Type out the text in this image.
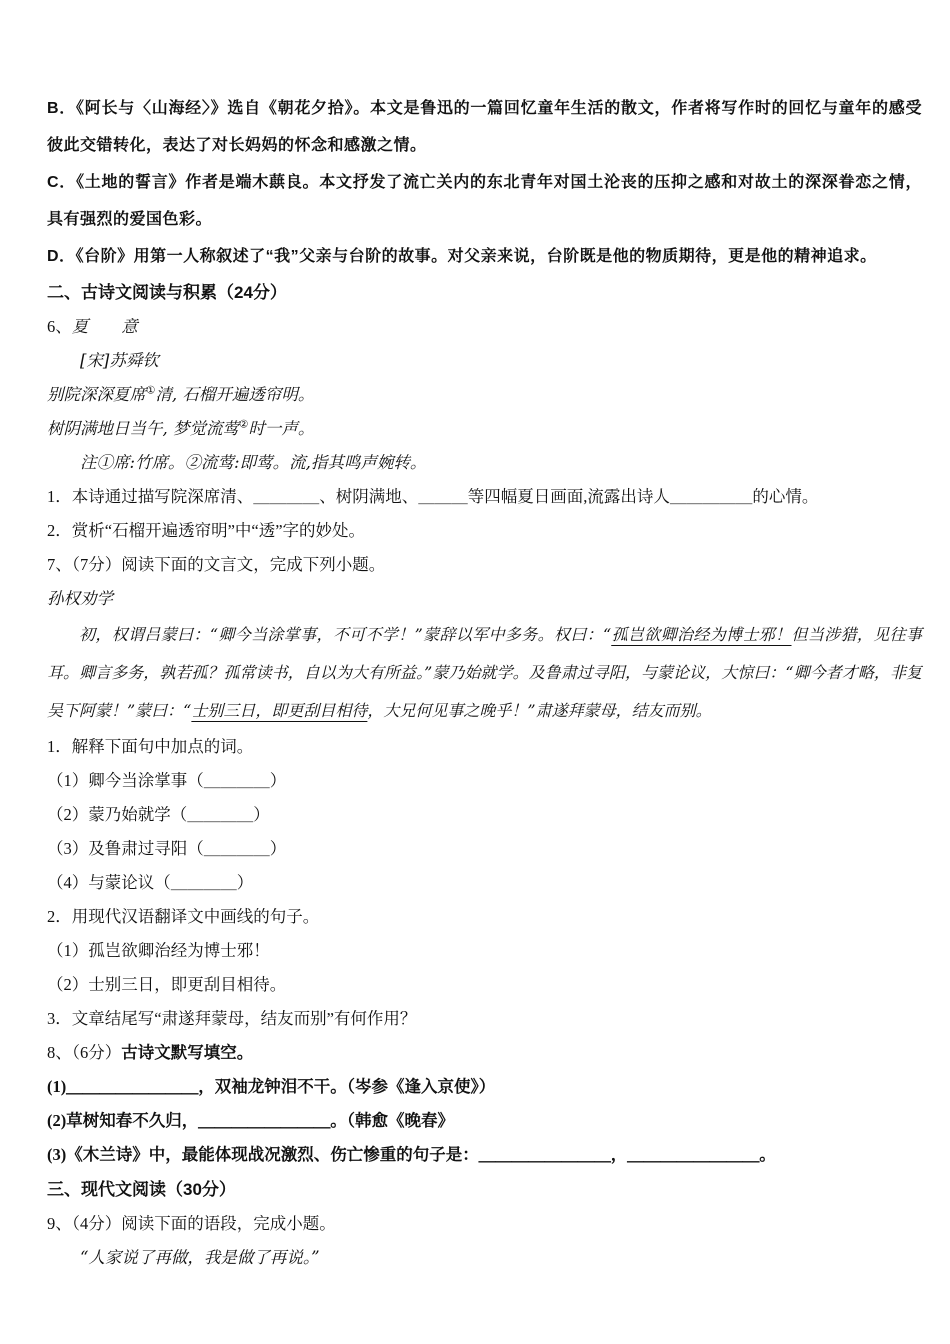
B．《阿长与〈山海经〉》选自《朝花夕拾》。本文是鲁迅的一篇回忆童年生活的散文，作者将写作时的回忆与童年的感受彼此交错转化，表达了对长妈妈的怀念和感激之情。

C．《土地的誓言》作者是端木蕻良。本文抒发了流亡关内的东北青年对国土沦丧的压抑之感和对故土的深深眷恋之情，具有强烈的爱国色彩。

D．《台阶》用第一人称叙述了“我”父亲与台阶的故事。对父亲来说，台阶既是他的物质期待，更是他的精神追求。

二、古诗文阅读与积累（24分）

6、夏　　意

[宋]苏舜钦

别院深深夏席①清, 石榴开遍透帘明。

树阴满地日当午, 梦觉流莺②时一声。

注①席:竹席。②流莺:即莺。流,指其鸣声婉转。

1．本诗通过描写院深席清、＿＿＿＿、树阴满地、＿＿＿等四幅夏日画面,流露出诗人＿＿＿＿＿的心情。

2．赏析“石榴开遍透帘明”中“透”字的妙处。

7、（7分）阅读下面的文言文，完成下列小题。

孙权劝学

初，权谓吕蒙曰：“卿今当涂掌事，不可不学！”蒙辞以军中多务。权曰：“孤岂欲卿治经为博士邪！但当涉猎，见往事耳。卿言多务，孰若孤？孤常读书，自以为大有所益。”蒙乃始就学。及鲁肃过寻阳，与蒙论议，大惊曰：“卿今者才略，非复吴下阿蒙！”蒙曰：“士别三日，即更刮目相待，大兄何见事之晚乎！”肃遂拜蒙母，结友而别。

1．解释下面句中加点的词。

（1）卿今当涂掌事（＿＿＿＿）

（2）蒙乃始就学（＿＿＿＿）

（3）及鲁肃过寻阳（＿＿＿＿）

（4）与蒙论议（＿＿＿＿）

2．用现代汉语翻译文中画线的句子。

（1）孤岂欲卿治经为博士邪！

（2）士别三日，即更刮目相待。

3．文章结尾写“肃遂拜蒙母，结友而别”有何作用？

8、（6分）古诗文默写填空。

(1)＿＿＿＿＿＿＿＿，双袖龙钟泪不干。（岑参《逢入京使》）

(2)草树知春不久归，＿＿＿＿＿＿＿＿。（韩愈《晚春》

(3)《木兰诗》中，最能体现战况激烈、伤亡惨重的句子是：＿＿＿＿＿＿＿＿，＿＿＿＿＿＿＿＿。

三、现代文阅读（30分）

9、（4分）阅读下面的语段，完成小题。

“人家说了再做，我是做了再说。”
